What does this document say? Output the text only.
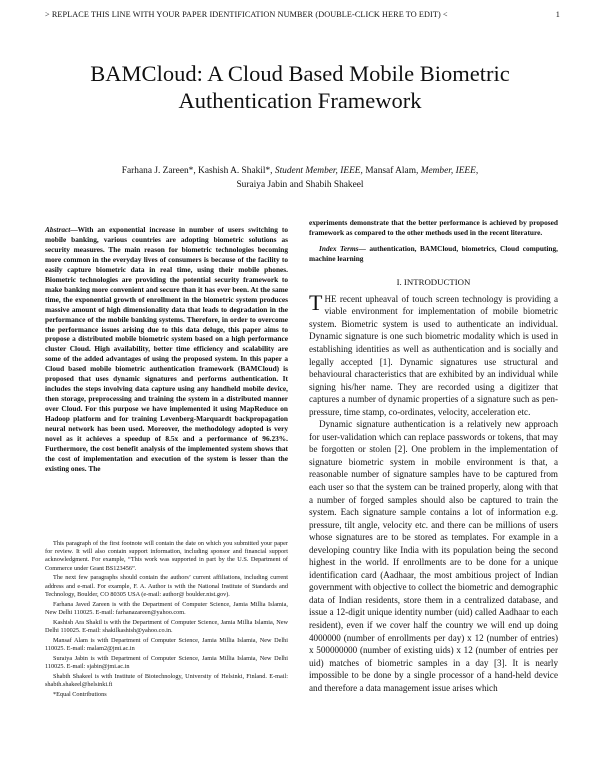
> REPLACE THIS LINE WITH YOUR PAPER IDENTIFICATION NUMBER (DOUBLE-CLICK HERE TO EDIT) <	1
BAMCloud: A Cloud Based Mobile Biometric
Authentication Framework
Farhana J. Zareen*, Kashish A. Shakil*, Student Member, IEEE, Mansaf Alam, Member, IEEE,
Suraiya Jabin and Shabih Shakeel
Abstract—With an exponential increase in number of users switching to mobile banking, various countries are adopting biometric solutions as security measures. The main reason for biometric technologies becoming more common in the everyday lives of consumers is because of the facility to easily capture biometric data in real time, using their mobile phones. Biometric technologies are providing the potential security framework to make banking more convenient and secure than it has ever been. At the same time, the exponential growth of enrollment in the biometric system produces massive amount of high dimensionality data that leads to degradation in the performance of the mobile banking systems. Therefore, in order to overcome the performance issues arising due to this data deluge, this paper aims to propose a distributed mobile biometric system based on a high performance cluster Cloud. High availability, better time efficiency and scalability are some of the added advantages of using the proposed system. In this paper a Cloud based mobile biometric authentication framework (BAMCloud) is proposed that uses dynamic signatures and performs authentication. It includes the steps involving data capture using any handheld mobile device, then storage, preprocessing and training the system in a distributed manner over Cloud. For this purpose we have implemented it using MapReduce on Hadoop platform and for training Levenberg-Marquardt backpropagation neural network has been used. Moreover, the methodology adopted is very novel as it achieves a speedup of 8.5x and a performance of 96.23%. Furthermore, the cost benefit analysis of the implemented system shows that the cost of implementation and execution of the system is lesser than the existing ones. The

This paragraph of the first footnote will contain the date on which you submitted your paper for review. It will also contain support information, including sponsor and financial support acknowledgment. For example, “This work was supported in part by the U.S. Department of Commerce under Grant BS123456”.

The next few paragraphs should contain the authors’ current affiliations, including current address and e-mail. For example, F. A. Author is with the National Institute of Standards and Technology, Boulder, CO 80305 USA (e-mail: author@ boulder.nist.gov).

Farhana Javed Zareen is with the Department of Computer Science, Jamia Millia Islamia, New Delhi 110025. E-mail: farhanazareen@yahoo.com.

Kashish Ara Shakil is with the Department of Computer Science, Jamia Millia Islamia, New Delhi 110025. E-mail: shakilkashish@yahoo.co.in.

Mansaf Alam is with Department of Computer Science, Jamia Millia Islamia, New Delhi 110025. E-mail: malam2@jmi.ac.in

Suraiya Jabin is with Department of Computer Science, Jamia Millia Islamia, New Delhi 110025. E-mail: sjabin@jmi.ac.in

Shabih Shakeel is with Institute of Biotechnology, University of Helsinki, Finland. E-mail: shabih.shakeel@helsinki.fi

*Equal Contributions

experiments demonstrate that the better performance is achieved by proposed framework as compared to the other methods used in the recent literature.
Index Terms— authentication, BAMCloud, biometrics, Cloud computing, machine learning
I. INTRODUCTION

THE recent upheaval of touch screen technology is providing a viable environment for implementation of mobile biometric system. Biometric system is used to authenticate an individual. Dynamic signature is one such biometric modality which is used in establishing identities as well as authentication and is socially and legally accepted [1]. Dynamic signatures use structural and behavioural characteristics that are exhibited by an individual while signing his/her name. They are recorded using a digitizer that captures a number of dynamic properties of a signature such as pen-pressure, time stamp, co-ordinates, velocity, acceleration etc.

Dynamic signature authentication is a relatively new approach for user-validation which can replace passwords or tokens, that may be forgotten or stolen [2]. One problem in the implementation of signature biometric system in mobile environment is that, a reasonable number of signature samples have to be captured from each user so that the system can be trained properly, along with that a number of forged samples should also be captured to train the system. Each signature sample contains a lot of information e.g. pressure, tilt angle, velocity etc. and there can be millions of users whose signatures are to be stored as templates. For example in a developing country like India with its population being the second highest in the world. If enrollments are to be done for a unique identification card (Aadhaar, the most ambitious project of Indian government with objective to collect the biometric and demographic data of Indian residents, store them in a centralized database, and issue a 12-digit unique identity number (uid) called Aadhaar to each resident), even if we cover half the country we will end up doing 4000000 (number of enrollments per day) x 12 (number of entries) x 500000000 (number of existing uids) x 12 (number of entries per uid) matches of biometric samples in a day [3]. It is nearly impossible to be done by a single processor of a hand-held device and therefore a data management issue arises which
